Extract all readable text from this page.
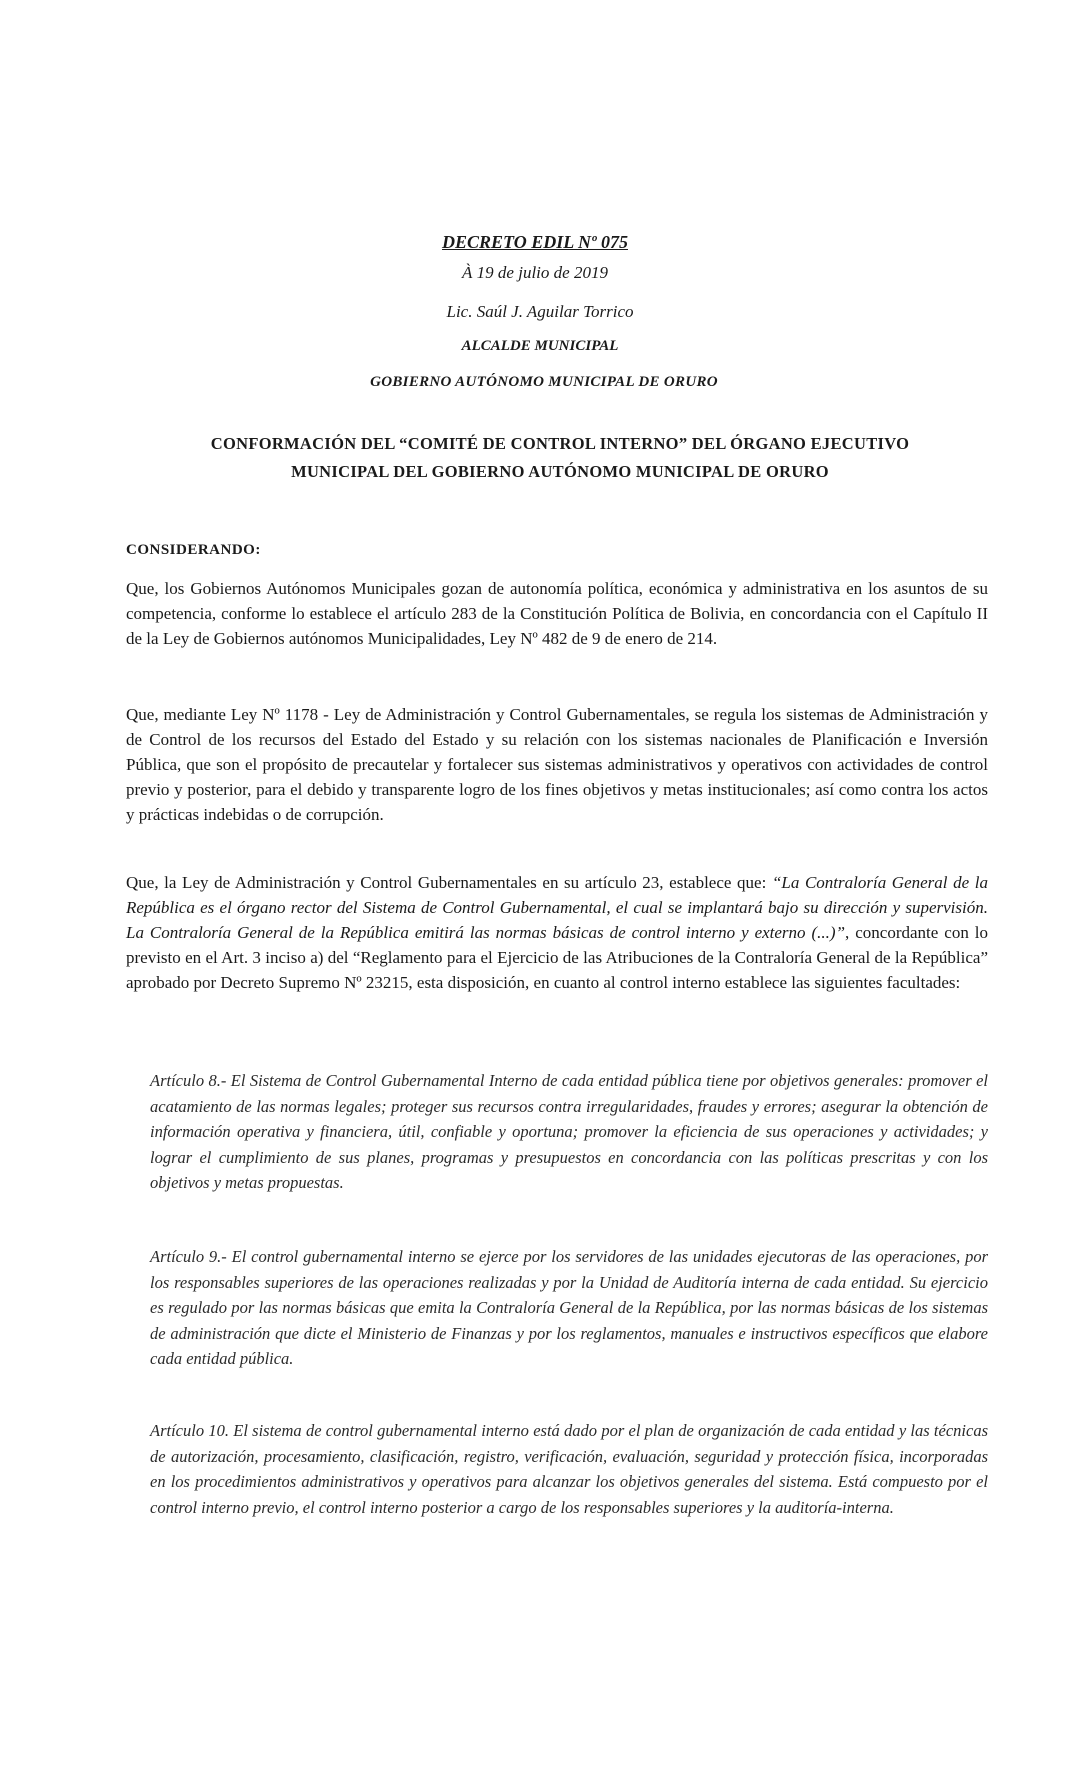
DECRETO EDIL Nº 075
À 19 de julio de 2019
Lic. Saúl J. Aguilar Torrico
ALCALDE MUNICIPAL
GOBIERNO AUTÓNOMO MUNICIPAL DE ORURO
CONFORMACIÓN DEL “COMITÉ DE CONTROL INTERNO” DEL ÓRGANO EJECUTIVO
MUNICIPAL DEL GOBIERNO AUTÓNOMO MUNICIPAL DE ORURO
CONSIDERANDO:
Que, los Gobiernos Autónomos Municipales gozan de autonomía política, económica y administrativa en los asuntos de su competencia, conforme lo establece el artículo 283 de la Constitución Política de Bolivia, en concordancia con el Capítulo II de la Ley de Gobiernos autónomos Municipalidades, Ley Nº 482 de 9 de enero de 214.
Que, mediante Ley Nº 1178 - Ley de Administración y Control Gubernamentales, se regula los sistemas de Administración y de Control de los recursos del Estado del Estado y su relación con los sistemas nacionales de Planificación e Inversión Pública, que son el propósito de precautelar y fortalecer sus sistemas administrativos y operativos con actividades de control previo y posterior, para el debido y transparente logro de los fines objetivos y metas institucionales; así como contra los actos y prácticas indebidas o de corrupción.
Que, la Ley de Administración y Control Gubernamentales en su artículo 23, establece que: “La Contraloría General de la República es el órgano rector del Sistema de Control Gubernamental, el cual se implantará bajo su dirección y supervisión. La Contraloría General de la República emitirá las normas básicas de control interno y externo (...)”, concordante con lo previsto en el Art. 3 inciso a) del “Reglamento para el Ejercicio de las Atribuciones de la Contraloría General de la República” aprobado por Decreto Supremo Nº 23215, esta disposición, en cuanto al control interno establece las siguientes facultades:
Artículo 8.- El Sistema de Control Gubernamental Interno de cada entidad pública tiene por objetivos generales: promover el acatamiento de las normas legales; proteger sus recursos contra irregularidades, fraudes y errores; asegurar la obtención de información operativa y financiera, útil, confiable y oportuna; promover la eficiencia de sus operaciones y actividades; y lograr el cumplimiento de sus planes, programas y presupuestos en concordancia con las políticas prescritas y con los objetivos y metas propuestas.
Artículo 9.- El control gubernamental interno se ejerce por los servidores de las unidades ejecutoras de las operaciones, por los responsables superiores de las operaciones realizadas y por la Unidad de Auditoría interna de cada entidad. Su ejercicio es regulado por las normas básicas que emita la Contraloría General de la República, por las normas básicas de los sistemas de administración que dicte el Ministerio de Finanzas y por los reglamentos, manuales e instructivos específicos que elabore cada entidad pública.
Artículo 10. El sistema de control gubernamental interno está dado por el plan de organización de cada entidad y las técnicas de autorización, procesamiento, clasificación, registro, verificación, evaluación, seguridad y protección física, incorporadas en los procedimientos administrativos y operativos para alcanzar los objetivos generales del sistema. Está compuesto por el control interno previo, el control interno posterior a cargo de los responsables superiores y la auditoría-interna.
